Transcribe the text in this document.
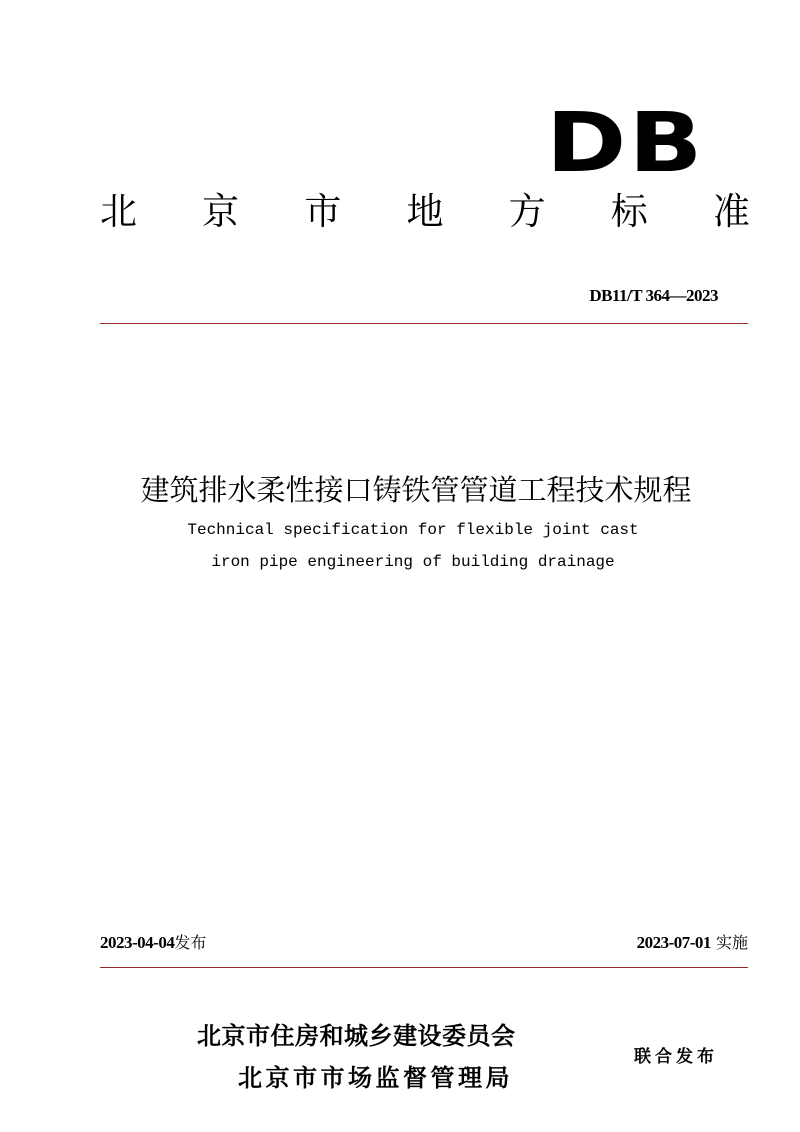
DB
北 京 市 地 方 标 准
DB11/T 364—2023
建筑排水柔性接口铸铁管管道工程技术规程
Technical specification for flexible joint cast
iron pipe engineering of building drainage
2023-04-04发布	2023-07-01 实施
北京市住房和城乡建设委员会
北京市市场监督管理局
联合发布
